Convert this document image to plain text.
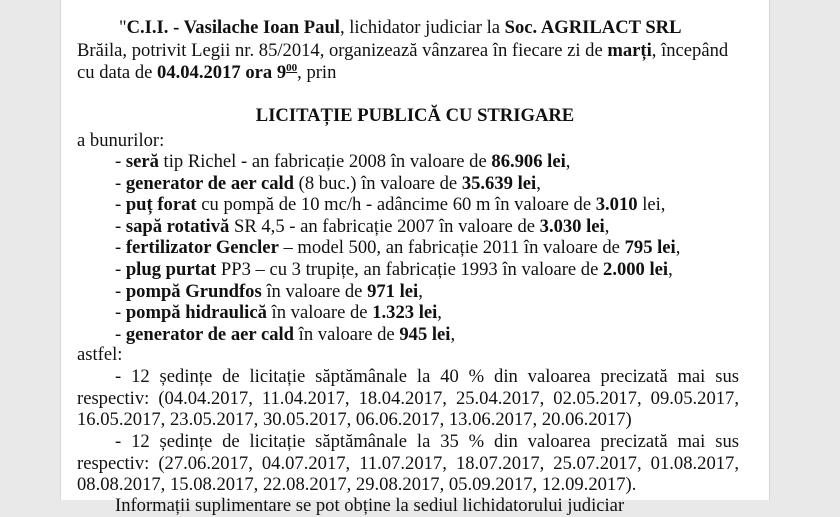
"C.I.I. - Vasilache Ioan Paul, lichidator judiciar la Soc. AGRILACT SRL
Brăila, potrivit Legii nr. 85/2014, organizează vânzarea în fiecare zi de marți, începând
cu data de 04.04.2017 ora $9^{00}$, prin
LICITAȚIE PUBLICĂ CU STRIGARE
a bunurilor:
- seră tip Richel - an fabricație 2008 în valoare de 86.906 lei,
- generator de aer cald (8 buc.) în valoare de 35.639 lei,
- puț forat cu pompă de 10 mc/h - adâncime 60 m în valoare de 3.010 lei,
- sapă rotativă SR 4,5 - an fabricație 2007 în valoare de 3.030 lei,
- fertilizator Gencler – model 500, an fabricație 2011 în valoare de 795 lei,
- plug purtat PP3 – cu 3 trupițe, an fabricație 1993 în valoare de 2.000 lei,
- pompă Grundfos în valoare de 971 lei,
- pompă hidraulică în valoare de 1.323 lei,
- generator de aer cald în valoare de 945 lei,
astfel:
- 12 ședințe de licitație săptămânale la 40 % din valoarea precizată mai sus
respectiv: (04.04.2017, 11.04.2017, 18.04.2017, 25.04.2017, 02.05.2017, 09.05.2017,
16.05.2017, 23.05.2017, 30.05.2017, 06.06.2017, 13.06.2017, 20.06.2017)
- 12 ședințe de licitație săptămânale la 35 % din valoarea precizată mai sus
respectiv: (27.06.2017, 04.07.2017, 11.07.2017, 18.07.2017, 25.07.2017, 01.08.2017,
08.08.2017, 15.08.2017, 22.08.2017, 29.08.2017, 05.09.2017, 12.09.2017).
Informații suplimentare se pot obține la sediul lichidatorului judiciar
